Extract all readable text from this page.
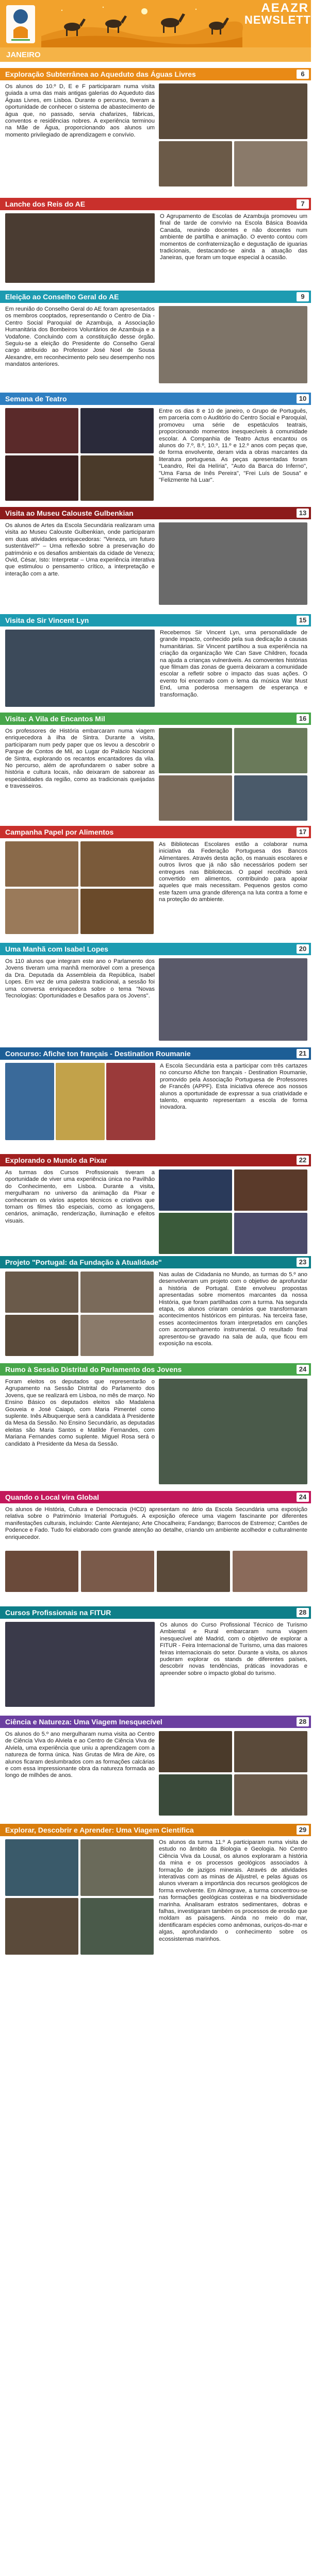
AEAZR
NEWSLETTER
JANEIRO
Exploração Subterrânea ao Aqueduto das Águas Livres	6
Os alunos do 10.º D, E e F participaram numa visita guiada a uma das mais antigas galerias do Aqueduto das Águas Livres, em Lisboa. Durante o percurso, tiveram a oportunidade de conhecer o sistema de abastecimento de água que, no passado, servia chafarizes, fábricas, conventos e residências nobres. A experiência terminou na Mãe de Água, proporcionando aos alunos um momento privilegiado de aprendizagem e convívio.
Lanche dos Reis do AE	7
O Agrupamento de Escolas de Azambuja promoveu um final de tarde de convívio na Escola Básica Boavida Canada, reunindo docentes e não docentes num ambiente de partilha e animação. O evento contou com momentos de confraternização e degustação de iguarias tradicionais, destacando-se ainda a atuação das Janeiras, que foram um toque especial à ocasião.
Eleição ao Conselho Geral do AE	9
Em reunião do Conselho Geral do AE foram apresentados os membros cooptados, representando o Centro de Dia - Centro Social Paroquial de Azambuja, a Associação Humanitária dos Bombeiros Voluntários de Azambuja e a Vodafone. Concluindo com a constituição desse órgão. Seguiu-se a eleição do Presidente do Conselho Geral cargo atribuído ao Professor José Noel de Sousa Alexandre, em reconhecimento pelo seu desempenho nos mandatos anteriores.
Semana de Teatro	10
Entre os dias 8 e 10 de janeiro, o Grupo de Português, em parceria com o Auditório do Centro Social e Paroquial, promoveu uma série de espetáculos teatrais, proporcionando momentos inesquecíveis à comunidade escolar. A Companhia de Teatro Actus encantou os alunos do 7.º, 8.º, 10.º, 11.º e 12.º anos com peças que, de forma envolvente, deram vida a obras marcantes da literatura portuguesa. As peças apresentadas foram "Leandro, Rei da Helíria", "Auto da Barca do Inferno", "Uma Farsa de Inês Pereira", "Frei Luís de Sousa" e "Felizmente há Luar".
Visita ao Museu Calouste Gulbenkian	13
Os alunos de Artes da Escola Secundária realizaram uma visita ao Museu Calouste Gulbenkian, onde participaram em duas atividades enriquecedoras: "Veneza, um futuro sustentável?" – Uma reflexão sobre a preservação do património e os desafios ambientais da cidade de Veneza; Ovid, César, Isto: Interpretar – Uma experiência interativa que estimulou o pensamento crítico, a interpretação e interação com a arte.
Visita de Sir Vincent Lyn	15
Recebemos Sir Vincent Lyn, uma personalidade de grande impacto, conhecido pela sua dedicação a causas humanitárias. Sir Vincent partilhou a sua experiência na criação da organização We Can Save Children, focada na ajuda a crianças vulneráveis. As comoventes histórias que filmam das zonas de guerra deixaram a comunidade escolar a refletir sobre o impacto das suas ações. O evento foi encerrado com o lema da música War Must End, uma poderosa mensagem de esperança e transformação.
Visita: A Vila de Encantos Mil	16
Os professores de História embarcaram numa viagem enriquecedora à ilha de Sintra. Durante a visita, participaram num pedy paper que os levou a descobrir o Parque de Contos de Mil, ao Lugar do Palácio Nacional de Sintra, explorando os recantos encantadores da vila. No percurso, além de aprofundarem o saber sobre a história e cultura locais, não deixaram de saborear as especialidades da região, como as tradicionais queijadas e travesseiros.
Campanha Papel por Alimentos	17
As Bibliotecas Escolares estão a colaborar numa iniciativa da Federação Portuguesa dos Bancos Alimentares. Através desta ação, os manuais escolares e outros livros que já não são necessários podem ser entregues nas Bibliotecas. O papel recolhido será convertido em alimentos, contribuindo para apoiar aqueles que mais necessitam. Pequenos gestos como este fazem uma grande diferença na luta contra a fome e na proteção do ambiente.
Uma Manhã com Isabel Lopes	20
Os 110 alunos que integram este ano o Parlamento dos Jovens tiveram uma manhã memorável com a presença da Dra. Deputada da Assembleia da República, Isabel Lopes. Em vez de uma palestra tradicional, a sessão foi uma conversa enriquecedora sobre o tema "Novas Tecnologias: Oportunidades e Desafios para os Jovens".
Concurso: Afiche ton français - Destination Roumanie	21
A Escola Secundária esta a participar com três cartazes no concurso Afiche ton français - Destination Roumanie, promovido pela Associação Portuguesa de Professores de Francês (APPF). Esta iniciativa oferece aos nossos alunos a oportunidade de expressar a sua criatividade e talento, enquanto representam a escola de forma inovadora.
Explorando o Mundo da Pixar	22
As turmas dos Cursos Profissionais tiveram a oportunidade de viver uma experiência única no Pavilhão do Conhecimento, em Lisboa. Durante a visita, mergulharam no universo da animação da Pixar e conheceram os vários aspetos técnicos e criativos que tornam os filmes tão especiais, como as longagens, cenários, animação, renderização, iluminação e efeitos visuais.
Projeto "Portugal: da Fundação à Atualidade"	23
Nas aulas de Cidadania no Mundo, as turmas do 5.º ano desenvolveram um projeto com o objetivo de aprofundar a história de Portugal. Este envolveu propostas apresentadas sobre momentos marcantes da nossa História, que foram partilhadas com a turma. Na segunda etapa, os alunos criaram cenários que transformaram acontecimentos históricos em pinturas. Na terceira fase, esses acontecimentos foram interpretados em canções com acompanhamento instrumental. O resultado final apresentou-se gravado na sala de aula, que ficou em exposição na escola.
Rumo à Sessão Distrital do Parlamento dos Jovens	24
Foram eleitos os deputados que representarão o Agrupamento na Sessão Distrital do Parlamento dos Jovens, que se realizará em Lisboa, no mês de março. No Ensino Básico os deputados eleitos são Madalena Gouveia e José Caiapó, com Maria Pimentel como suplente. Inês Albuquerque será a candidata à Presidente da Mesa da Sessão. No Ensino Secundário, as deputadas eleitas são Maria Santos e Matilde Fernandes, com Mariana Fernandes como suplente. Miguel Rosa será o candidato à Presidente da Mesa da Sessão.
Quando o Local vira Global	24
Os alunos de História, Cultura e Democracia (HCD) apresentam no átrio da Escola Secundária uma exposição relativa sobre o Património Imaterial Português. A exposição oferece uma viagem fascinante por diferentes manifestações culturais, incluindo: Cante Alentejano; Arte Chocalheira; Fandango; Barrocos de Estremoz; Cantões de Podence e Fado. Tudo foi elaborado com grande atenção ao detalhe, criando um ambiente acolhedor e culturalmente enriquecedor.
Cursos Profissionais na FITUR	28
Os alunos do Curso Profissional Técnico de Turismo Ambiental e Rural embarcaram numa viagem inesquecível até Madrid, com o objetivo de explorar a FITUR - Feira Internacional de Turismo, uma das maiores feiras internacionais do setor. Durante a visita, os alunos puderam explorar os stands de diferentes países, descobrir novas tendências, práticas inovadoras e apreender sobre o impacto global do turismo.
Ciência e Natureza: Uma Viagem Inesquecível	28
Os alunos do 5.º ano mergulharam numa visita ao Centro de Ciência Viva do Alviela e ao Centro de Ciência Viva de Alviela, uma experiência que uniu a aprendizagem com a natureza de forma única. Nas Grutas de Mira de Aire, os alunos ficaram deslumbrados com as formações calcárias e com essa impressionante obra da natureza formada ao longo de milhões de anos.
Explorar, Descobrir e Aprender: Uma Viagem Científica	29
Os alunos da turma 11.º A participaram numa visita de estudo no âmbito da Biologia e Geologia. No Centro Ciência Viva da Lousal, os alunos exploraram a história da mina e os processos geológicos associados à formação de jazigos minerais. Através de atividades interativas com as minas de Aljustrel, e pelas águas os alunos viveram a importância dos recursos geológicos de forma envolvente. Em Almograve, a turma concentrou-se nas formações geológicas costeiras e na biodiversidade marinha. Analisaram estratos sedimentares, dobras e falhas, investigaram também os processos de erosão que moldam as paisagens. Ainda no meio do mar, identificaram espécies como anêmonas, ouriços-do-mar e algas, aprofundando o conhecimento sobre os ecossistemas marinhos.
